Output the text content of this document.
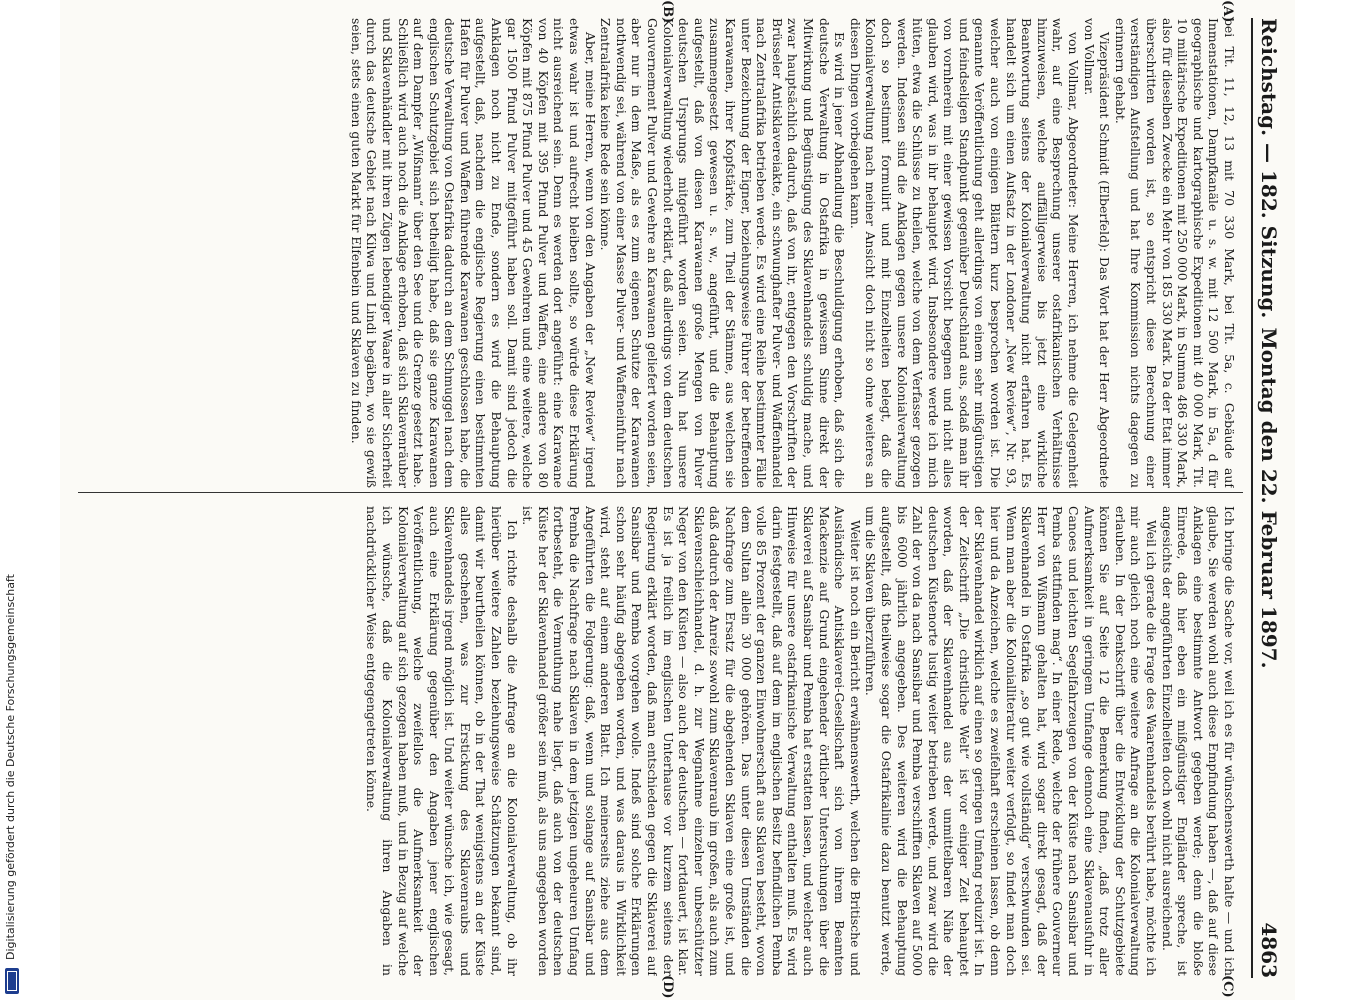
Reichstag. — 182. Sitzung.
Montag den 22. Februar 1897.
4863
(A)
(B)
(C)
(D)

bei Tit. 11, 12, 13 mit 70 330 Mark, bei Tit. 5a, c. Gebäude auf Inmenstationen, Dampfkanäle u. s. w. mit 12 500 Mark, in 5a, d für geographische und kartographische Expeditionen mit 40 000 Mark, Tit. 10 militärische Expeditionen mit 250 000 Mark, in Summa 486 330 Mark, also für dieselben Zwecke ein Mehr von 185 330 Mark. Da der Etat immer überschritten worden ist, so entspricht diese Berechnung einer verständigen Aufstellung und hat Ihre Kommission nichts dagegen zu erinnern gehabt.

Vizepräsident Schmidt (Elberfeld): Das Wort hat der Herr Abgeordnete von Vollmar.

von Vollmar, Abgeordneter: Meine Herren, ich nehme die Gelegenheit wahr, auf eine Besprechung unserer ostafrikanischen Verhältnisse hinzuweisen, welche auffälligerweise bis jetzt eine wirkliche Beantwortung seitens der Kolonialverwaltung nicht erfahren hat. Es handelt sich um einen Aufsatz in der Londoner „New Review“, Nr. 93, welcher auch von einigen Blättern kurz besprochen worden ist. Die genannte Veröffentlichung geht allerdings von einem sehr mißgünstigen und feindseligen Standpunkt gegenüber Deutschland aus, sodaß man ihr von vornherein mit einer gewissen Vorsicht begegnen und nicht alles glauben wird, was in ihr behauptet wird. Insbesondere werde ich mich hüten, etwa die Schlüsse zu theilen, welche von dem Verfasser gezogen werden. Indessen sind die Anklagen gegen unsere Kolonialverwaltung doch so bestimmt formulirt und mit Einzelheiten belegt, daß die Kolonialverwaltung nach meiner Ansicht doch nicht so ohne weiteres an diesen Dingen vorbeigehen kann.

Es wird in jener Abhandlung die Beschuldigung erhoben, daß sich die deutsche Verwaltung in Ostafrika in gewissem Sinne direkt der Mitwirkung und Begünstigung des Sklavenhandels schuldig mache, und zwar hauptsächlich dadurch, daß von ihr, entgegen den Vorschriften der Brüsseler Antisklavereiakte, ein schwunghafter Pulver- und Waffenhandel nach Zentralafrika betrieben werde. Es wird eine Reihe bestimmter Fälle unter Bezeichnung der Eigner, beziehungsweise Führer der betreffenden Karawanen, ihrer Kopfstärke, zum Theil der Stämme, aus welchen sie zusammengesetzt gewesen u. s. w., angeführt, und die Behauptung aufgestellt, daß von diesen Karawanen große Mengen von Pulver deutschen Ursprungs mitgeführt worden seien. Nun hat unsere Kolonialverwaltung wiederholt erklärt, daß allerdings von dem deutschen Gouvernement Pulver und Gewehre an Karawanen geliefert worden seien, aber nur in dem Maße, als es zum eigenen Schutze der Karawanen nothwendig sei, während von einer Masse Pulver- und Waffeneinfuhr nach Zentralafrika keine Rede sein könne.

Aber, meine Herren, wenn von den Angaben der „New Review“ irgend etwas wahr ist und aufrecht bleiben sollte, so würde diese Erklärung nicht ausreichend sein. Denn es werden dort angeführt: eine Karawane von 40 Köpfen mit 395 Pfund Pulver und Waffen, eine andere von 80 Köpfen mit 875 Pfund Pulver und 45 Gewehren und eine weitere, welche gar 1500 Pfund Pulver mitgeführt haben soll. Damit sind jedoch die Anklagen noch nicht zu Ende, sondern es wird die Behauptung aufgestellt, daß, nachdem die englische Regierung einen bestimmten Hafen für Pulver und Waffen führende Karawanen geschlossen habe, die deutsche Verwaltung von Ostafrika dadurch an dem Schmuggel nach dem englischen Schutzgebiet sich betheiligt habe, daß sie ganze Karawanen auf dem Dampfer „Wißmann“ über den See und die Grenze gesetzt habe. Schließlich wird auch noch die Anklage erhoben, daß sich Sklavenräuber und Sklavenhändler mit ihren Zügen lebendiger Waare in aller Sicherheit durch das deutsche Gebiet nach Kilwa und Lindi begäben, wo sie gewiß seien, stets einen guten Markt für Elfenbein und Sklaven zu finden.

Ich bringe die Sache vor, weil ich es für wünschenswerth halte — und ich glaube, Sie werden wohl auch diese Empfindung haben —, daß auf diese Anklagen eine bestimmte Antwort gegeben werde; denn die bloße Einrede, daß hier eben ein mißgünstiger Engländer spreche, ist angesichts der angeführten Einzelheiten doch wohl nicht ausreichend.

Weil ich gerade die Frage des Waarenhandels berührt habe, möchte ich mir auch gleich noch eine weitere Anfrage an die Kolonialverwaltung erlauben. In der Denkschrift über die Entwicklung der Schutzgebiete können Sie auf Seite 12 die Bemerkung finden, „daß trotz aller Aufmerksamkeit in geringem Umfange dennoch eine Sklavenausfuhr in Canoes und leichten Segelfahrzeugen von der Küste nach Sansibar und Pemba stattfinden mag“. In einer Rede, welche der frühere Gouverneur Herr von Wißmann gehalten hat, wird sogar direkt gesagt, daß der Sklavenhandel in Ostafrika „so gut wie vollständig“ verschwunden sei. Wenn man aber die Kolonialliteratur weiter verfolgt, so findet man doch hier und da Anzeichen, welche es zweifelhaft erscheinen lassen, ob denn der Sklavenhandel wirklich auf einen so geringen Umfang reduzirt ist. In der Zeitschrift „Die christliche Welt“ ist vor einiger Zeit behauptet worden, daß der Sklavenhandel aus der unmittelbaren Nähe der deutschen Küstenorte lustig weiter betrieben werde, und zwar wird die Zahl der von da nach Sansibar und Pemba verschifften Sklaven auf 5000 bis 6000 jährlich angegeben. Des weiteren wird die Behauptung aufgestellt, daß theilweise sogar die Ostafrikalinie dazu benutzt werde, um die Sklaven überzuführen.

Weiter ist noch ein Bericht erwähnenswerth, welchen die Britische und Ausländische Antisklaverei-Gesellschaft sich von ihrem Beamten Mackenzie auf Grund eingehender örtlicher Untersuchungen über die Sklaverei auf Sansibar und Pemba hat erstatten lassen, und welcher auch Hinweise für unsere ostafrikanische Verwaltung enthalten muß. Es wird darin festgestellt, daß auf dem im englischen Besitz befindlichen Pemba volle 85 Prozent der ganzen Einwohnerschaft aus Sklaven besteht, wovon dem Sultan allein 30 000 gehören. Das unter diesen Umständen die Nachfrage zum Ersatz für die abgehenden Sklaven eine große ist, und daß dadurch der Anreiz sowohl zum Sklavenraub im großen, als auch zum Sklavenschleichhandel, d. h. zur Wegnahme einzelner unbeschützter Neger von den Küsten — also auch der deutschen — fortdauert, ist klar. Es ist ja freilich im englischen Unterhause vor kurzem seitens der Regierung erklärt worden, daß man entschieden gegen die Sklaverei auf Sansibar und Pemba vorgehen wolle. Indeß sind solche Erklärungen schon sehr häufig abgegeben worden, und was daraus in Wirklichkeit wird, steht auf einem anderen Blatt. Ich meinerseits ziehe aus dem Angeführten die Folgerung: daß, wenn und solange auf Sansibar und Pemba die Nachfrage nach Sklaven in dem jetzigen ungeheuren Umfang fortbesteht, die Vermuthung nahe liegt, daß auch von der deutschen Küste her der Sklavenhandel größer sein muß, als uns angegeben worden ist.

Ich richte deshalb die Anfrage an die Kolonialverwaltung, ob ihr hierüber weitere Zahlen beziehungsweise Schätzungen bekannt sind, damit wir beurtheilen können, ob in der That wenigstens an der Küste alles geschehen, was zur Erstickung des Sklavenraubs und Sklavenhandels irgend möglich ist. Und weiter wünsche ich, wie gesagt, auch eine Erklärung gegenüber den Angaben jener englischen Veröffentlichung, welche zweifellos die Aufmerksamkeit der Kolonialverwaltung auf sich gezogen haben muß, und in Bezug auf welche ich wünsche, daß die Kolonialverwaltung ihren Angaben in nachdrücklicher Weise entgegengetreten könne.

Digitalisierung gefördert durch die Deutsche Forschungsgemeinschaft
